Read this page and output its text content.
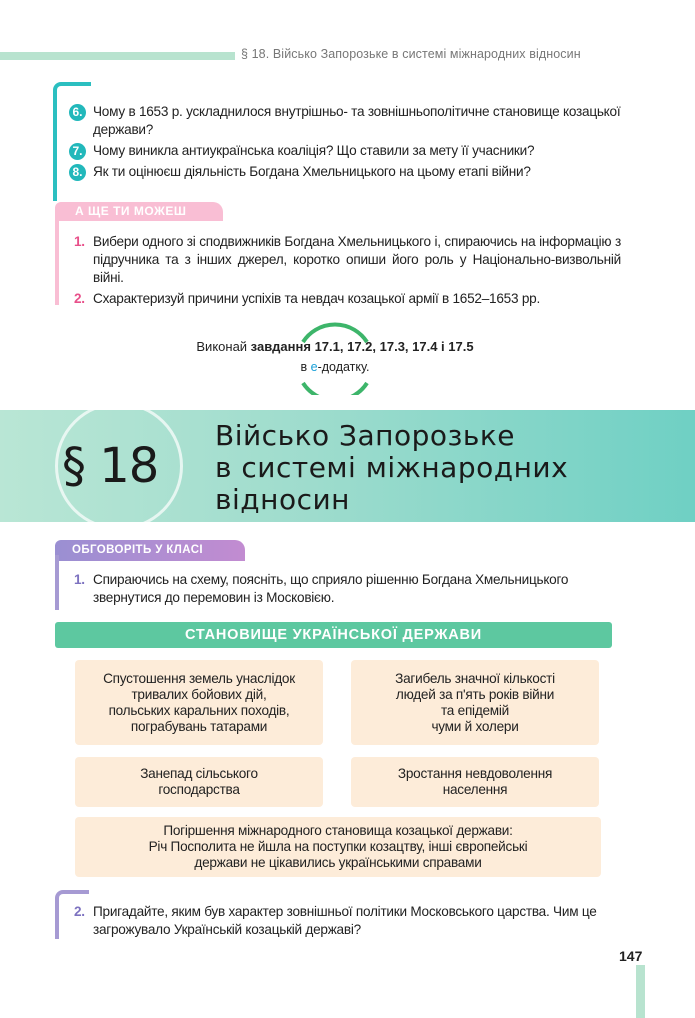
§ 18. Військо Запорозьке в системі міжнародних відносин
6. Чому в 1653 р. ускладнилося внутрішньо- та зовнішньополітичне становище козацької держави?
7. Чому виникла антиукраїнська коаліція? Що ставили за мету її учасники?
8. Як ти оцінюєш діяльність Богдана Хмельницького на цьому етапі війни?
А ЩЕ ТИ МОЖЕШ
1. Вибери одного зі сподвижників Богдана Хмельницького і, спираючись на інформацію з підручника та з інших джерел, коротко опиши його роль у Національно-визвольній війні.
2. Схарактеризуй причини успіхів та невдач козацької армії в 1652–1653 рр.
Виконай завдання 17.1, 17.2, 17.3, 17.4 і 17.5
в е-додатку.
§ 18
Військо Запорозьке
в системі міжнародних
відносин
ОБГОВОРІТЬ У КЛАСІ
1. Спираючись на схему, поясніть, що сприяло рішенню Богдана Хмельницького звернутися до перемовин із Московією.
СТАНОВИЩЕ УКРАЇНСЬКОЇ ДЕРЖАВИ
Спустошення земель унаслідок
тривалих бойових дій,
польських каральних походів,
пограбувань татарами
Загибель значної кількості
людей за п'ять років війни
та епідемій
чуми й холери
Занепад сільського
господарства
Зростання невдоволення
населення
Погіршення міжнародного становища козацької держави:
Річ Посполита не йшла на поступки козацтву, інші європейські
держави не цікавились українськими справами
2. Пригадайте, яким був характер зовнішньої політики Московського царства. Чим це загрожувало Українській козацькій державі?
147
